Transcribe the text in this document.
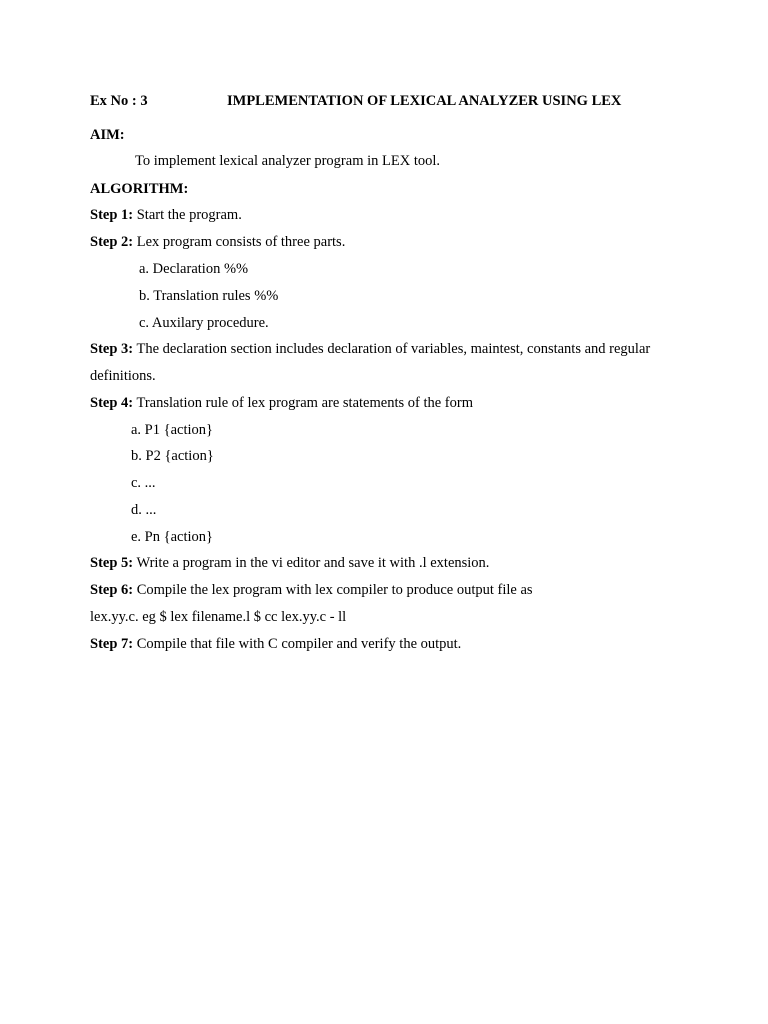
Ex No : 3	IMPLEMENTATION OF LEXICAL ANALYZER USING LEX
AIM:
To implement lexical analyzer program in LEX tool.
ALGORITHM:
Step 1: Start the program.
Step 2: Lex program consists of three parts.
a. Declaration %%
b. Translation rules %%
c. Auxilary procedure.
Step 3: The declaration section includes declaration of variables, maintest, constants and regular
definitions.
Step 4: Translation rule of lex program are statements of the form
a. P1 {action}
b. P2 {action}
c. ...
d. ...
e. Pn {action}
Step 5: Write a program in the vi editor and save it with .l extension.
Step 6: Compile the lex program with lex compiler to produce output file as
lex.yy.c. eg $ lex filename.l $ cc lex.yy.c - ll
Step 7: Compile that file with C compiler and verify the output.
